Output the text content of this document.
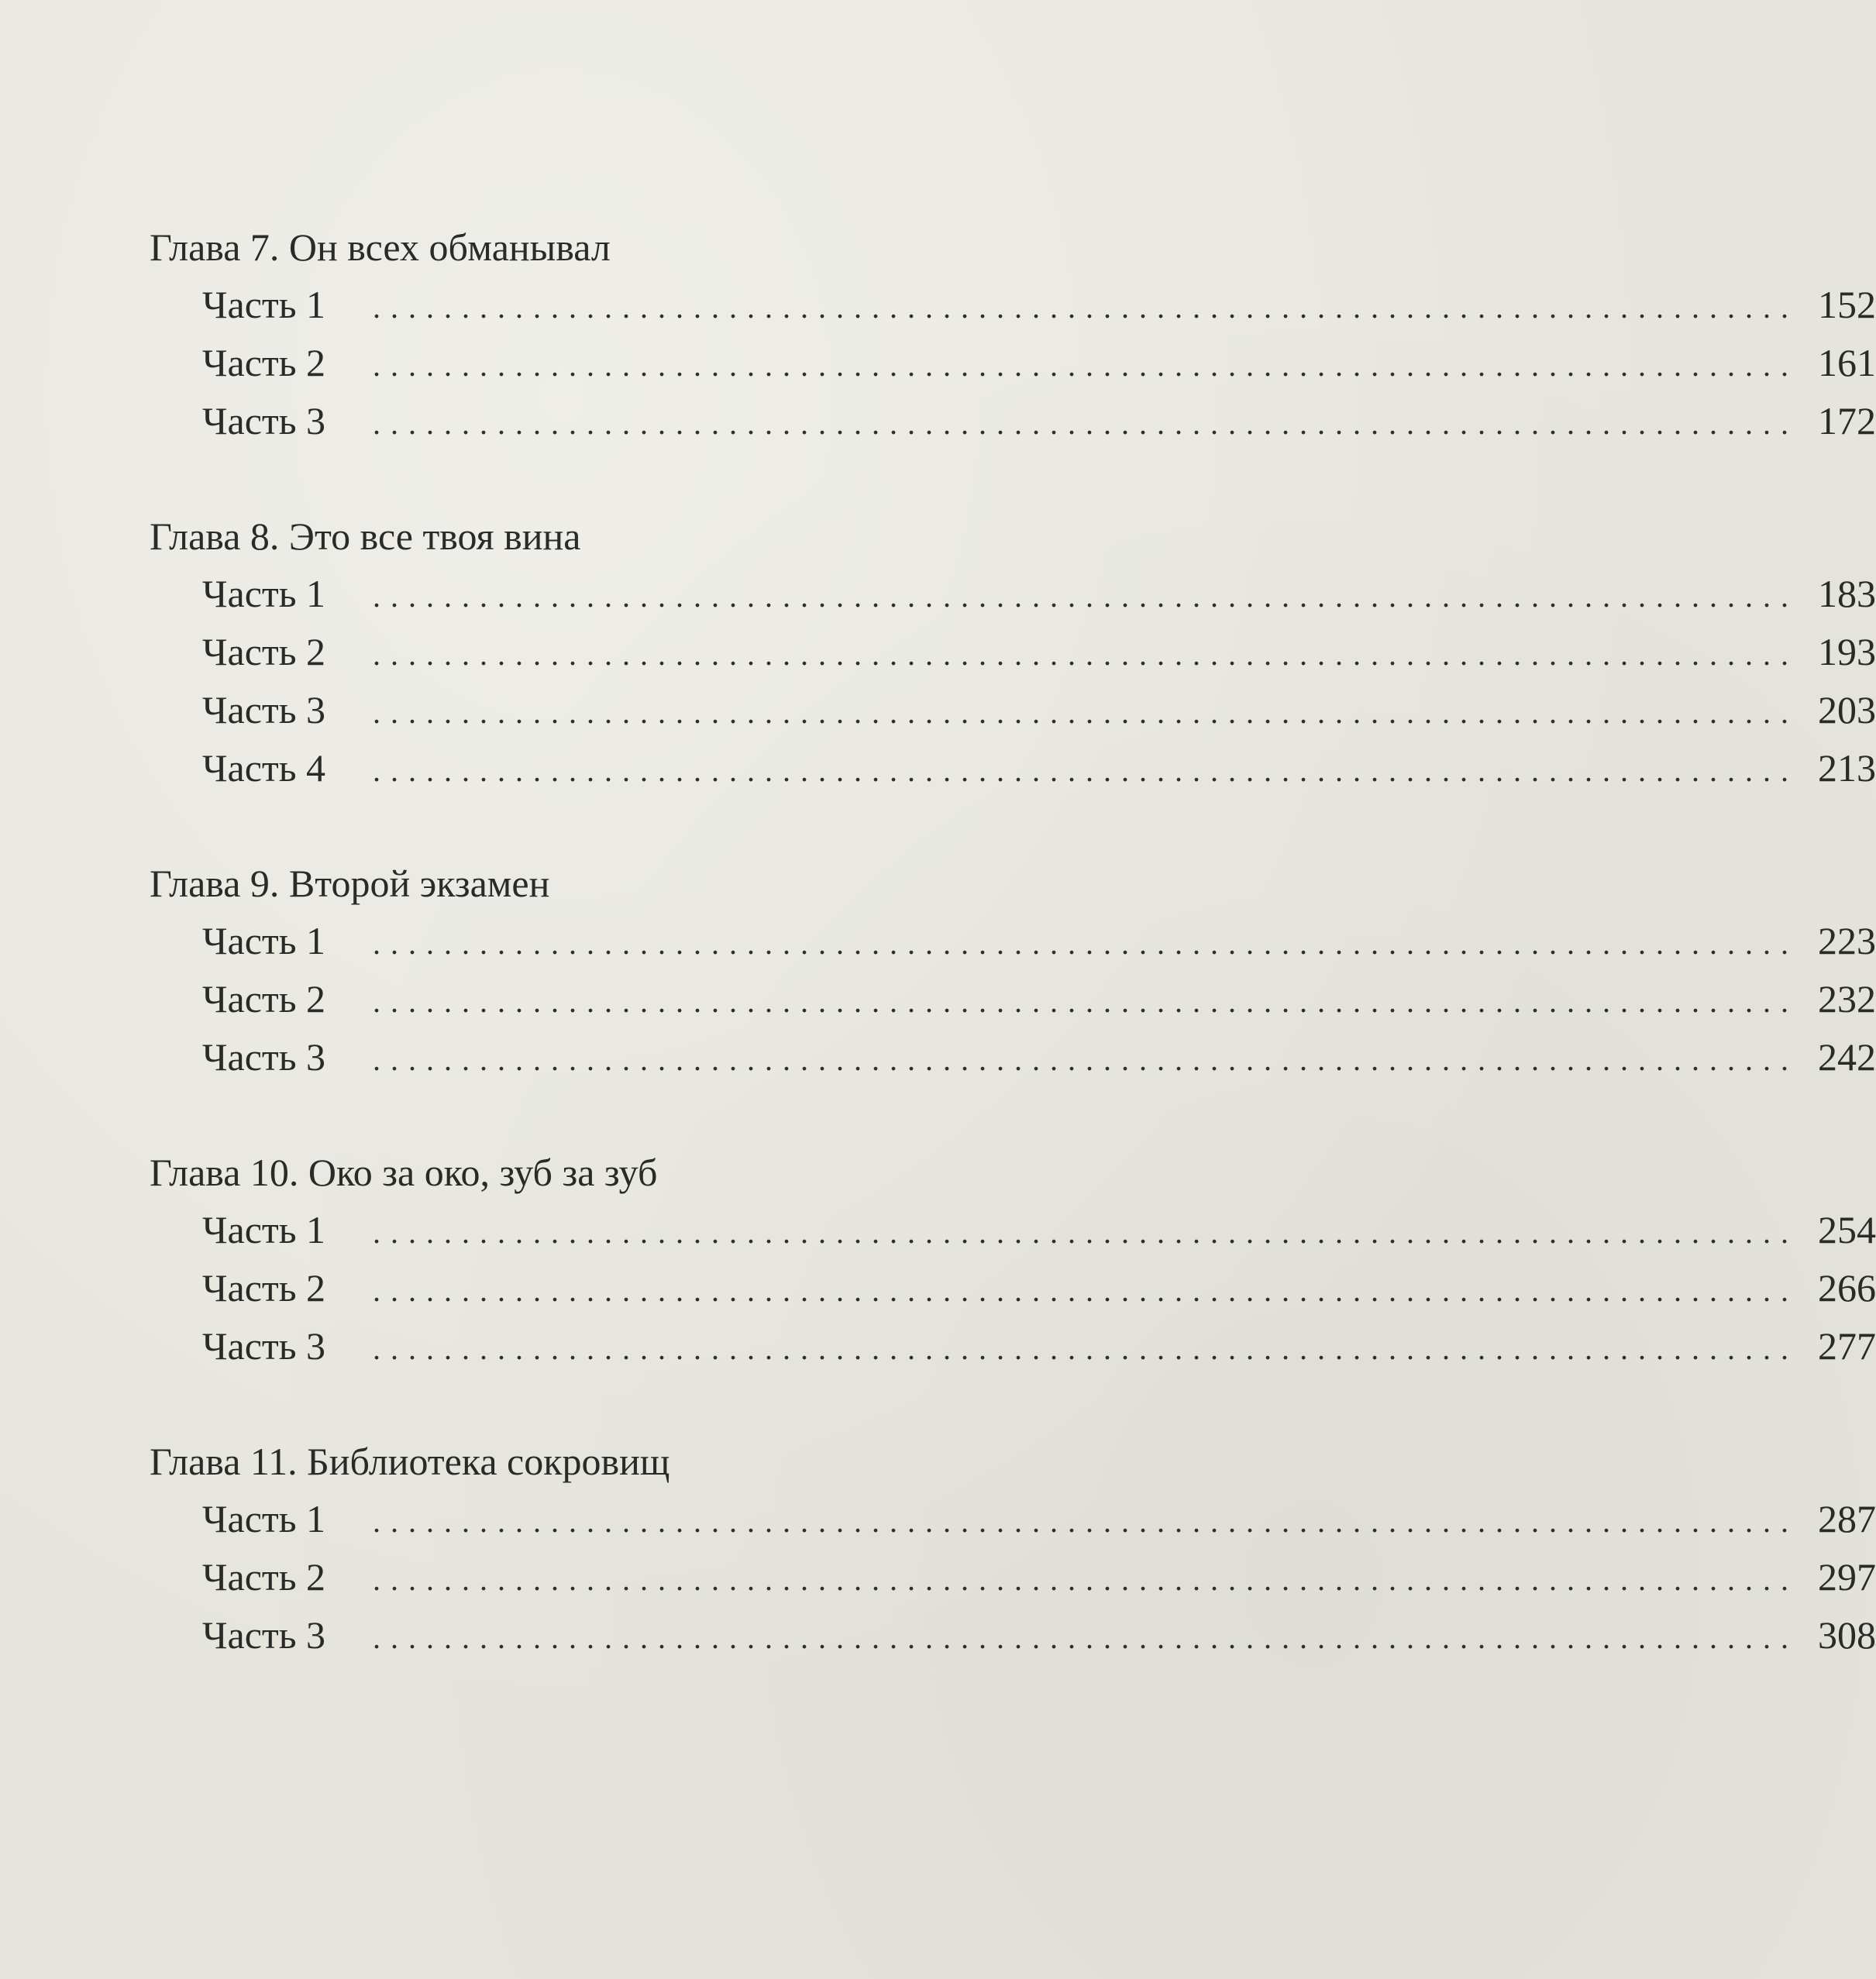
Глава 7. Он всех обманывал
Часть 1	................................................................................ 152
Часть 2	................................................................................ 161
Часть 3	................................................................................ 172
Глава 8. Это все твоя вина
Часть 1	................................................................................ 183
Часть 2	................................................................................ 193
Часть 3	................................................................................ 203
Часть 4	................................................................................ 213
Глава 9. Второй экзамен
Часть 1	................................................................................ 223
Часть 2	................................................................................ 232
Часть 3	................................................................................ 242
Глава 10. Око за око, зуб за зуб
Часть 1	................................................................................ 254
Часть 2	................................................................................ 266
Часть 3	................................................................................ 277
Глава 11. Библиотека сокровищ
Часть 1	................................................................................ 287
Часть 2	................................................................................ 297
Часть 3	................................................................................ 308
